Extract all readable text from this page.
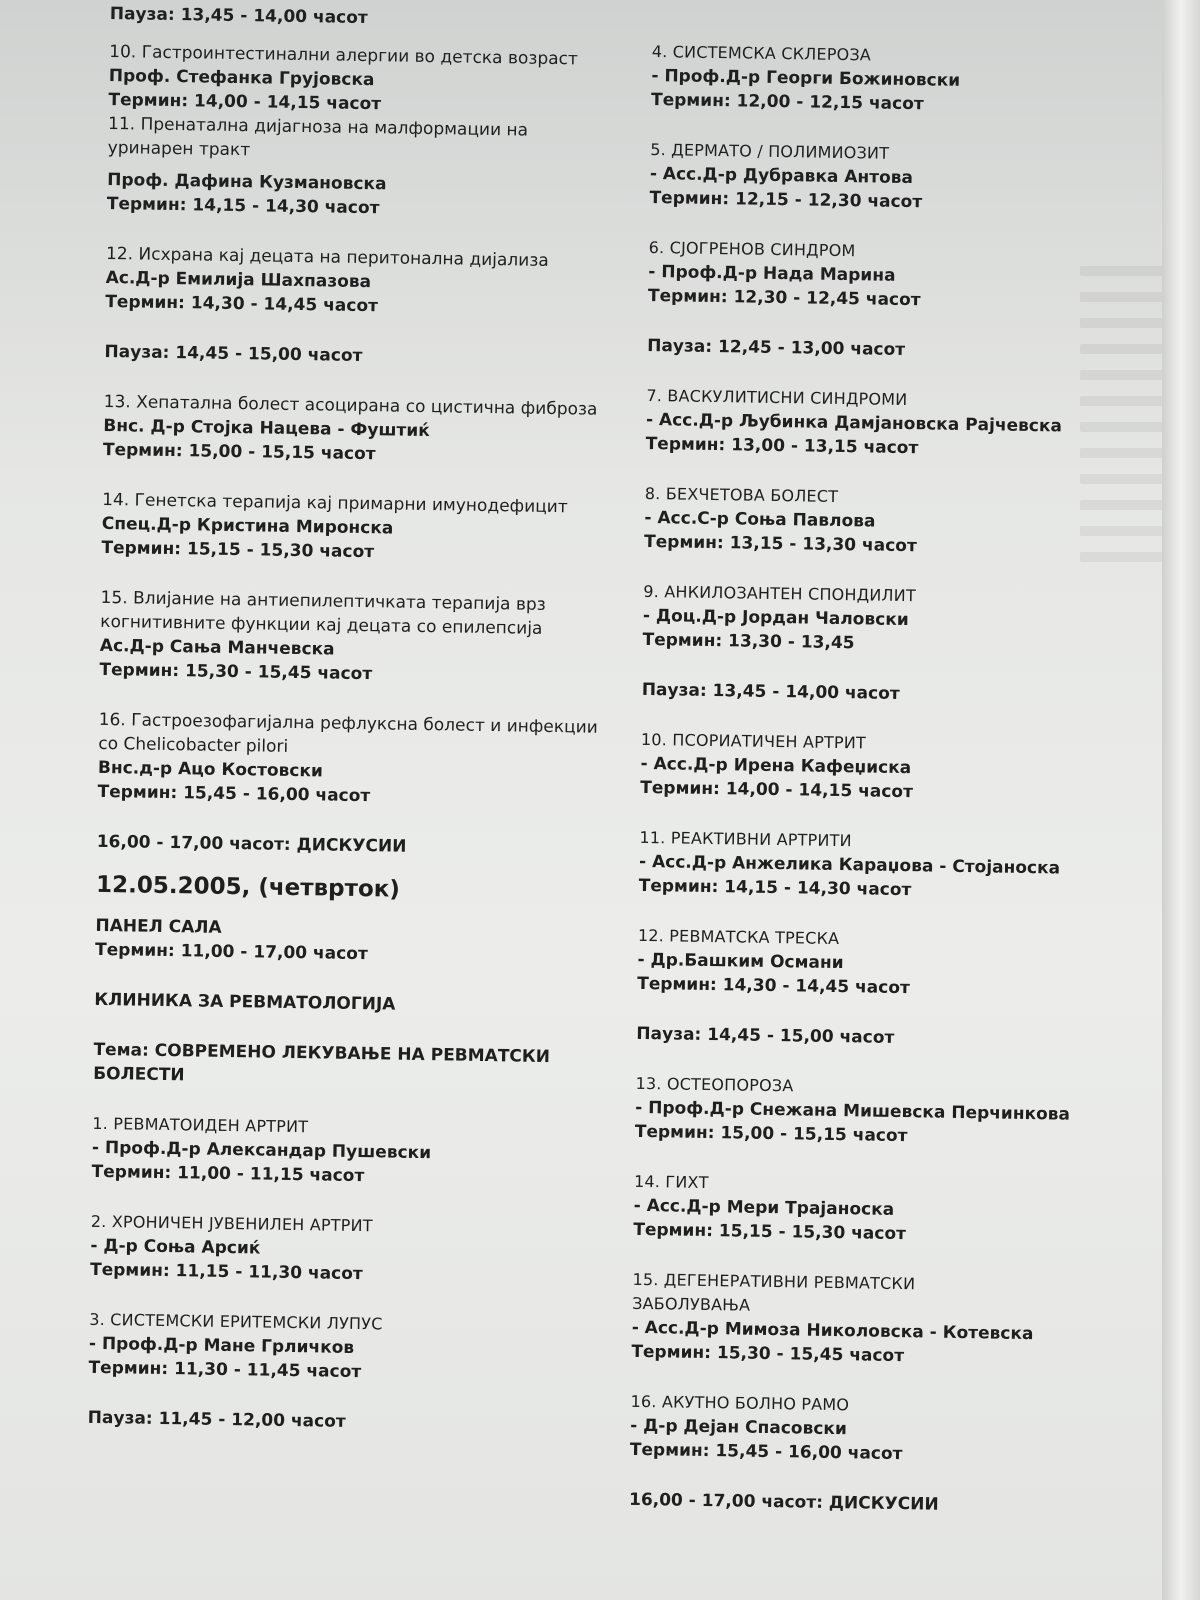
Пауза: 13,45 - 14,00 часот
10. Гастроинтестинални алергии во детска возраст
Проф. Стефанка Грујовска
Термин: 14,00 - 14,15 часот
11. Пренатална дијагноза на малформации на уринарен тракт
Проф. Дафина Кузмановска
Термин: 14,15 - 14,30 часот
12. Исхрана кај децата на перитонална дијализа
Ас.Д-р Емилија Шахпазова
Термин: 14,30 - 14,45 часот
Пауза: 14,45 - 15,00 часот
13. Хепатална болест асоцирана со цистична фиброза
Внс. Д-р Стојка Нацева - Фуштиќ
Термин: 15,00 - 15,15 часот
14. Генетска терапија кај примарни имунодефицит
Спец.Д-р Кристина Миронска
Термин: 15,15 - 15,30 часот
15. Влијание на антиепилептичката терапија врз когнитивните функции кај децата со епилепсија
Ас.Д-р Сања Манчевска
Термин: 15,30 - 15,45 часот
16. Гастроезофагијална рефлуксна болест и инфекции со Chelicobacter pilori
Внс.д-р Ацо Костовски
Термин: 15,45 - 16,00 часот
16,00 - 17,00 часот: ДИСКУСИИ
12.05.2005, (четврток)
ПАНЕЛ САЛА
Термин: 11,00 - 17,00 часот
КЛИНИКА ЗА РЕВМАТОЛОГИЈА
Тема: СОВРЕМЕНО ЛЕКУВАЊЕ НА РЕВМАТСКИ БОЛЕСТИ
1. РЕВМАТОИДЕН АРТРИТ
- Проф.Д-р Александар Пушевски
Термин: 11,00 - 11,15 часот
2. ХРОНИЧЕН ЈУВЕНИЛЕН АРТРИТ
- Д-р Соња Арсиќ
Термин: 11,15 - 11,30 часот
3. СИСТЕМСКИ ЕРИТЕМСКИ ЛУПУС
- Проф.Д-р Мане Грличков
Термин: 11,30 - 11,45 часот
Пауза: 11,45 - 12,00 часот
4. СИСТЕМСКА СКЛЕРОЗА
- Проф.Д-р Георги Божиновски
Термин: 12,00 - 12,15 часот
5. ДЕРМАТО / ПОЛИМИОЗИТ
- Асс.Д-р Дубравка Антова
Термин: 12,15 - 12,30 часот
6. СЈОГРЕНОВ СИНДРОМ
- Проф.Д-р Нада Марина
Термин: 12,30 - 12,45 часот
Пауза: 12,45 - 13,00 часот
7. ВАСКУЛИТИСНИ СИНДРОМИ
- Асс.Д-р Љубинка Дамјановска Рајчевска
Термин: 13,00 - 13,15 часот
8. БЕХЧЕТОВА БОЛЕСТ
- Асс.С-р Соња Павлова
Термин: 13,15 - 13,30 часот
9. АНКИЛОЗАНТЕН СПОНДИЛИТ
- Доц.Д-р Јордан Чаловски
Термин: 13,30 - 13,45
Пауза: 13,45 - 14,00 часот
10. ПСОРИАТИЧЕН АРТРИТ
- Асс.Д-р Ирена Кафеџиска
Термин: 14,00 - 14,15 часот
11. РЕАКТИВНИ АРТРИТИ
- Асс.Д-р Анжелика Караџова - Стојаноска
Термин: 14,15 - 14,30 часот
12. РЕВМАТСКА ТРЕСКА
- Др.Башким Османи
Термин: 14,30 - 14,45 часот
Пауза: 14,45 - 15,00 часот
13. ОСТЕОПОРОЗА
- Проф.Д-р Снежана Мишевска Перчинкова
Термин: 15,00 - 15,15 часот
14. ГИХТ
- Асс.Д-р Мери Трајаноска
Термин: 15,15 - 15,30 часот
15. ДЕГЕНЕРАТИВНИ РЕВМАТСКИ ЗАБОЛУВАЊА
- Асс.Д-р Мимоза Николовска - Котевска
Термин: 15,30 - 15,45 часот
16. АКУТНО БОЛНО РАМО
- Д-р Дејан Спасовски
Термин: 15,45 - 16,00 часот
16,00 - 17,00 часот: ДИСКУСИИ
